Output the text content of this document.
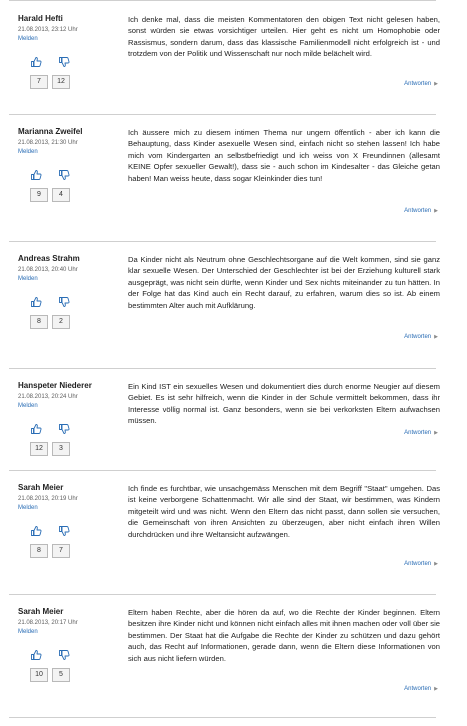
Harald Hefti
21.08.2013, 23:12 Uhr
Melden
7	12
Ich denke mal, dass die meisten Kommentatoren den obigen Text nicht gelesen haben, sonst würden sie etwas vorsichtiger urteilen. Hier geht es nicht um Homophobie oder Rassismus, sondern darum, dass das klassische Familienmodell nicht erfolgreich ist - und trotzdem von der Politik und Wissenschaft nur noch milde belächelt wird.
Antworten ▶
Marianna Zweifel
21.08.2013, 21:30 Uhr
Melden
9	4
Ich äussere mich zu diesem intimen Thema nur ungern öffentlich - aber ich kann die Behauptung, dass Kinder asexuelle Wesen sind, einfach nicht so stehen lassen! Ich habe mich vom Kindergarten an selbstbefriedigt und ich weiss von X Freundinnen (allesamt KEINE Opfer sexueller Gewalt!), dass sie - auch schon im Kindesalter - das Gleiche getan haben! Man weiss heute, dass sogar Kleinkinder dies tun!
Antworten ▶
Andreas Strahm
21.08.2013, 20:40 Uhr
Melden
8	2
Da Kinder nicht als Neutrum ohne Geschlechtsorgane auf die Welt kommen, sind sie ganz klar sexuelle Wesen. Der Unterschied der Geschlechter ist bei der Erziehung kulturell stark ausgeprägt, was nicht sein dürfte, wenn Kinder und Sex nichts miteinander zu tun hätten. In der Folge hat das Kind auch ein Recht darauf, zu erfahren, warum dies so ist. Ab einem bestimmten Alter auch mit Aufklärung.
Antworten ▶
Hanspeter Niederer
21.08.2013, 20:24 Uhr
Melden
12	3
Ein Kind IST ein sexuelles Wesen und dokumentiert dies durch enorme Neugier auf diesem Gebiet. Es ist sehr hilfreich, wenn die Kinder in der Schule vermittelt bekommen, dass ihr Interesse völlig normal ist. Ganz besonders, wenn sie bei verkorksten Eltern aufwachsen müssen.
Antworten ▶
Sarah Meier
21.08.2013, 20:19 Uhr
Melden
8	7
Ich finde es furchtbar, wie unsachgemäss Menschen mit dem Begriff "Staat" umgehen. Das ist keine verborgene Schattenmacht. Wir alle sind der Staat, wir bestimmen, was Kindern mitgeteilt wird und was nicht. Wenn den Eltern das nicht passt, dann sollen sie versuchen, die Gemeinschaft von ihren Ansichten zu überzeugen, aber nicht einfach ihren Willen durchdrücken und ihre Weltansicht aufzwängen.
Antworten ▶
Sarah Meier
21.08.2013, 20:17 Uhr
Melden
10	5
Eltern haben Rechte, aber die hören da auf, wo die Rechte der Kinder beginnen. Eltern besitzen ihre Kinder nicht und können nicht einfach alles mit ihnen machen oder voll über sie bestimmen. Der Staat hat die Aufgabe die Rechte der Kinder zu schützen und dazu gehört auch, das Recht auf Informationen, gerade dann, wenn die Eltern diese Informationen von sich aus nicht liefern würden.
Antworten ▶
